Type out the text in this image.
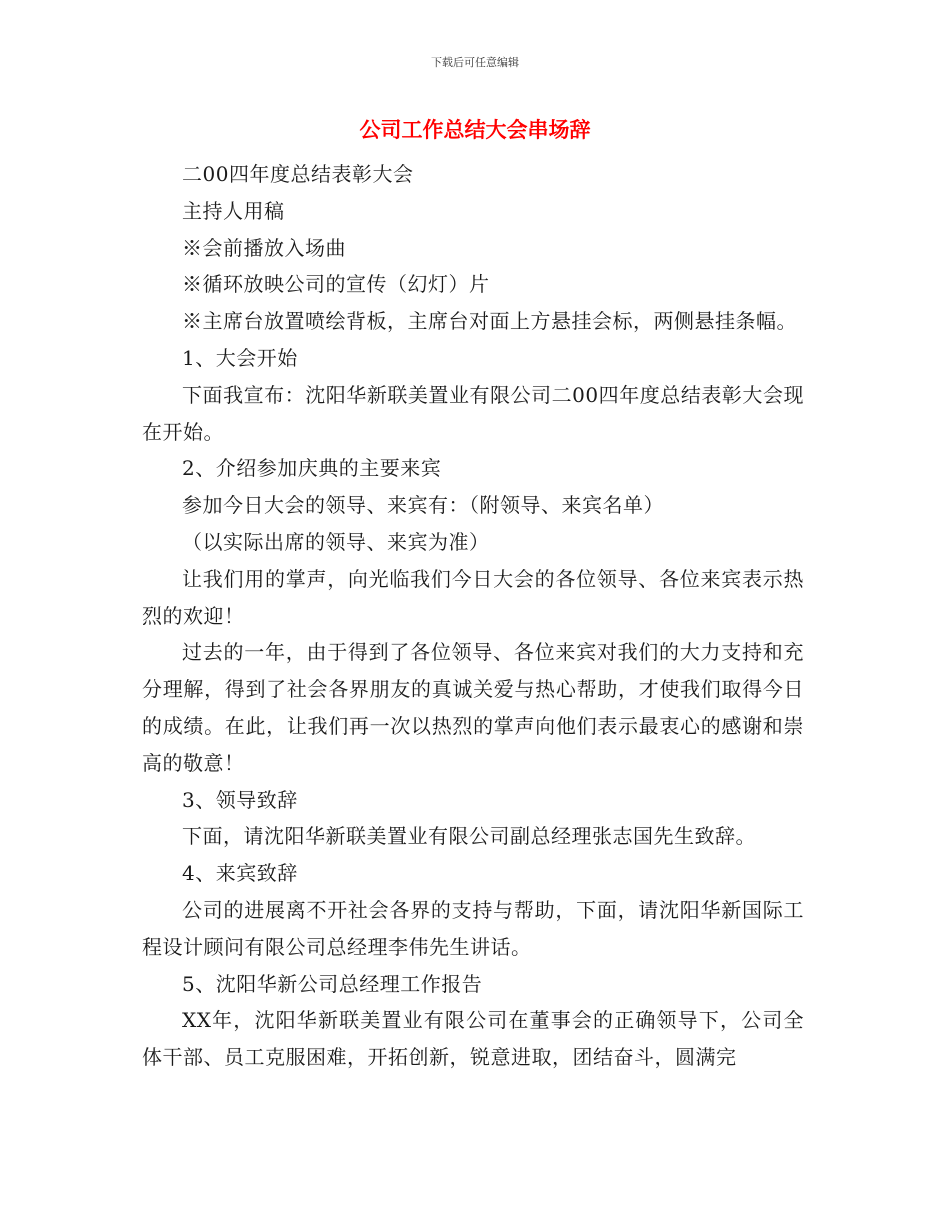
下载后可任意编辑
公司工作总结大会串场辞

二00四年度总结表彰大会

主持人用稿

※会前播放入场曲

※循环放映公司的宣传（幻灯）片

※主席台放置喷绘背板，主席台对面上方悬挂会标，两侧悬挂条幅。

1、大会开始

下面我宣布：沈阳华新联美置业有限公司二00四年度总结表彰大会现在开始。

2、介绍参加庆典的主要来宾

参加今日大会的领导、来宾有：（附领导、来宾名单）

（以实际出席的领导、来宾为准）

让我们用的掌声，向光临我们今日大会的各位领导、各位来宾表示热烈的欢迎！

过去的一年，由于得到了各位领导、各位来宾对我们的大力支持和充分理解，得到了社会各界朋友的真诚关爱与热心帮助，才使我们取得今日的成绩。在此，让我们再一次以热烈的掌声向他们表示最衷心的感谢和崇高的敬意！

3、领导致辞

下面，请沈阳华新联美置业有限公司副总经理张志国先生致辞。

4、来宾致辞

公司的进展离不开社会各界的支持与帮助，下面，请沈阳华新国际工程设计顾问有限公司总经理李伟先生讲话。

5、沈阳华新公司总经理工作报告

XX年，沈阳华新联美置业有限公司在董事会的正确领导下，公司全体干部、员工克服困难，开拓创新，锐意进取，团结奋斗，圆满完
